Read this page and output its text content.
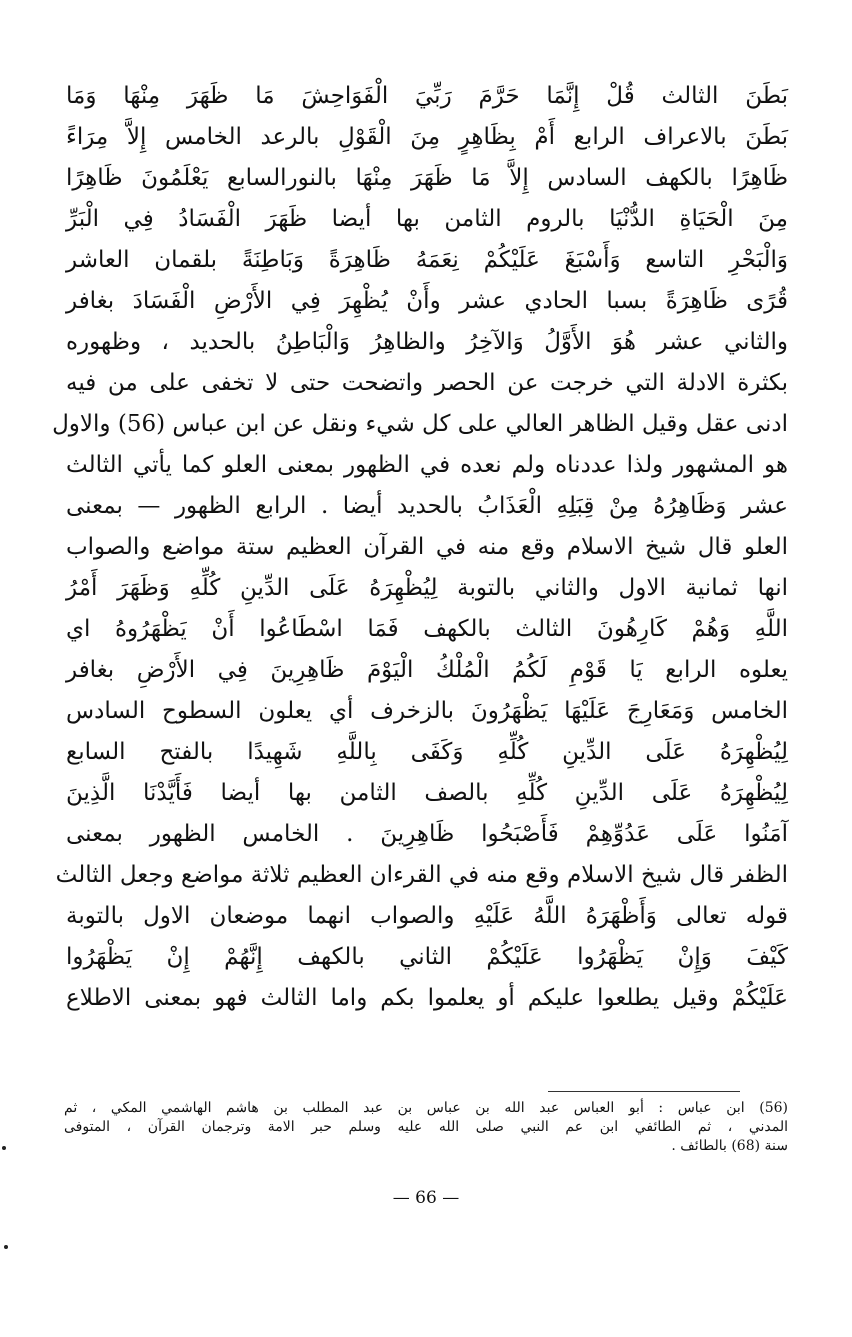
بَطَنَ الثالث قُلْ إِنَّمَا حَرَّمَ رَبِّيَ الْفَوَاحِشَ مَا ظَهَرَ مِنْهَا وَمَا
بَطَنَ بالاعراف الرابع أَمْ بِظَاهِرٍ مِنَ الْقَوْلِ بالرعد الخامس إِلاَّ مِرَاءً
ظَاهِرًا بالكهف السادس إِلاَّ مَا ظَهَرَ مِنْهَا بالنورالسابع يَعْلَمُونَ ظَاهِرًا
مِنَ الْحَيَاةِ الدُّنْيَا بالروم الثامن بها أيضا ظَهَرَ الْفَسَادُ فِي الْبَرِّ
وَالْبَحْرِ التاسع وَأَسْبَغَ عَلَيْكُمْ نِعَمَهُ ظَاهِرَةً وَبَاطِنَةً بلقمان العاشر
قُرًى ظَاهِرَةً بسبا الحادي عشر وأَنْ يُظْهِرَ فِي الأَرْضِ الْفَسَادَ بغافر
والثاني عشر هُوَ الأَوَّلُ وَالآخِرُ والظاهِرُ وَالْبَاطِنُ بالحديد ، وظهوره
بكثرة الادلة التي خرجت عن الحصر واتضحت حتى لا تخفى على من فيه
ادنى عقل وقيل الظاهر العالي على كل شيء ونقل عن ابن عباس (56) والاول
هو المشهور ولذا عددناه ولم نعده في الظهور بمعنى العلو كما يأتي الثالث
عشر وَظَاهِرُهُ مِنْ قِبَلِهِ الْعَذَابُ بالحديد أيضا . الرابع الظهور — بمعنى
العلو قال شيخ الاسلام وقع منه في القرآن العظيم ستة مواضع والصواب
انها ثمانية الاول والثاني بالتوبة لِيُظْهِرَهُ عَلَى الدِّينِ كُلِّهِ وَظَهَرَ أَمْرُ
اللَّهِ وَهُمْ كَارِهُونَ الثالث بالكهف فَمَا اسْطَاعُوا أَنْ يَظْهَرُوهُ اي
يعلوه الرابع يَا قَوْمِ لَكُمُ الْمُلْكُ الْيَوْمَ ظَاهِرِينَ فِي الأَرْضِ بغافر
الخامس وَمَعَارِجَ عَلَيْهَا يَظْهَرُونَ بالزخرف أي يعلون السطوح السادس
لِيُظْهِرَهُ عَلَى الدِّينِ كُلِّهِ وَكَفَى بِاللَّهِ شَهِيدًا بالفتح السابع
لِيُظْهِرَهُ عَلَى الدِّينِ كُلِّهِ بالصف الثامن بها أيضا فَأَيَّدْنَا الَّذِينَ
آمَنُوا عَلَى عَدُوِّهِمْ فَأَصْبَحُوا ظَاهِرِينَ . الخامس الظهور بمعنى
الظفر قال شيخ الاسلام وقع منه في القرءان العظيم ثلاثة مواضع وجعل الثالث
قوله تعالى وَأَظْهَرَهُ اللَّهُ عَلَيْهِ والصواب انهما موضعان الاول بالتوبة
كَيْفَ وَإِنْ يَظْهَرُوا عَلَيْكُمْ الثاني بالكهف إِنَّهُمْ إِنْ يَظْهَرُوا
عَلَيْكُمْ وقيل يطلعوا عليكم أو يعلموا بكم واما الثالث فهو بمعنى الاطلاع
(56) ابن عباس : أبو العباس عبد الله بن عباس بن عبد المطلب بن هاشم الهاشمي المكي ، ثم
المدني ، ثم الطائفي ابن عم النبي صلى الله عليه وسلم حبر الامة وترجمان القرآن ، المتوفى
سنة (68) بالطائف .
— 66 —
